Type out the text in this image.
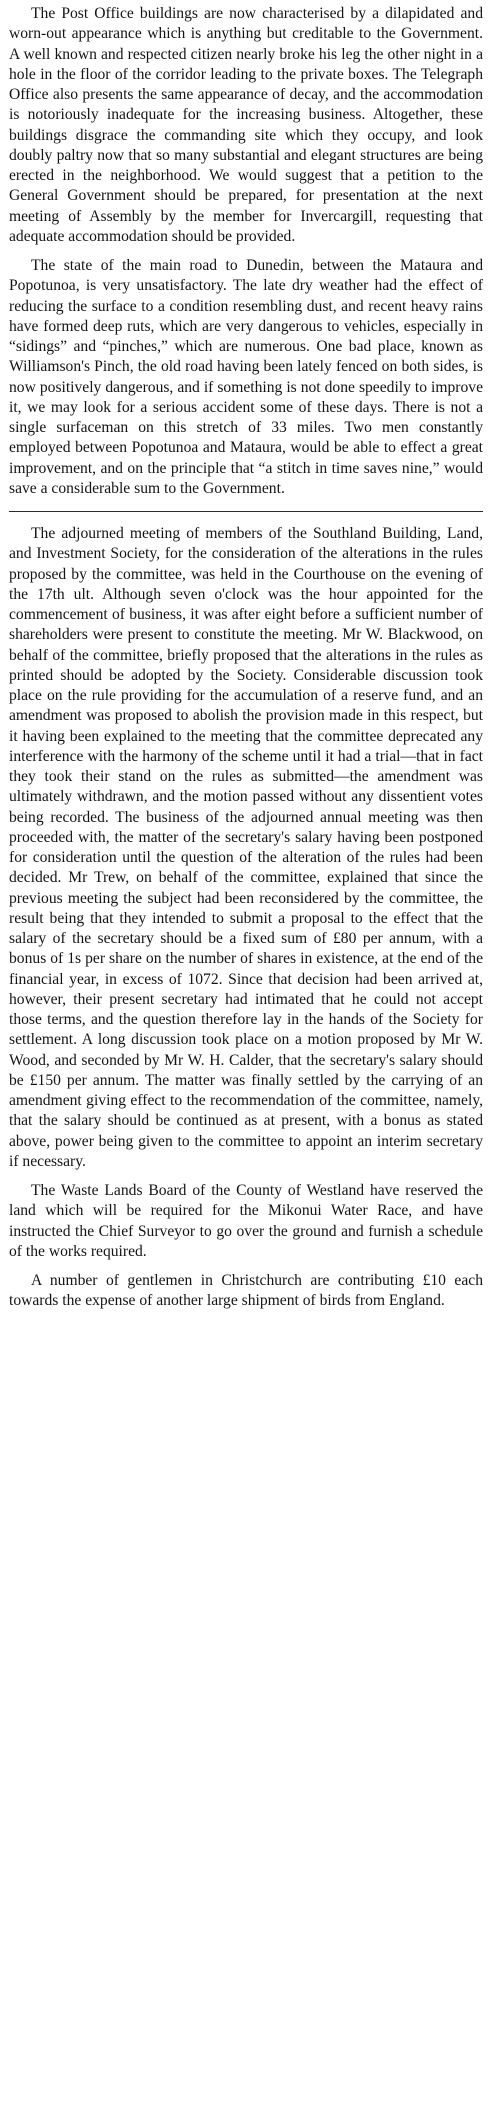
The Post Office buildings are now characterised by a dilapidated and worn-out appearance which is anything but creditable to the Government. A well known and respected citizen nearly broke his leg the other night in a hole in the floor of the corridor leading to the private boxes. The Telegraph Office also presents the same appearance of decay, and the accommodation is notoriously inadequate for the increasing business. Altogether, these buildings disgrace the commanding site which they occupy, and look doubly paltry now that so many substantial and elegant structures are being erected in the neighborhood. We would suggest that a petition to the General Government should be prepared, for presentation at the next meeting of Assembly by the member for Invercargill, requesting that adequate accommodation should be provided.

The state of the main road to Dunedin, between the Mataura and Popotunoa, is very unsatisfactory. The late dry weather had the effect of reducing the surface to a condition resembling dust, and recent heavy rains have formed deep ruts, which are very dangerous to vehicles, especially in “sidings” and “pinches,” which are numerous. One bad place, known as Williamson's Pinch, the old road having been lately fenced on both sides, is now positively dangerous, and if something is not done speedily to improve it, we may look for a serious accident some of these days. There is not a single surfaceman on this stretch of 33 miles. Two men constantly employed between Popotunoa and Mataura, would be able to effect a great improvement, and on the principle that “a stitch in time saves nine,” would save a considerable sum to the Government.

The adjourned meeting of members of the Southland Building, Land, and Investment Society, for the consideration of the alterations in the rules proposed by the committee, was held in the Courthouse on the evening of the 17th ult. Although seven o'clock was the hour appointed for the commencement of business, it was after eight before a sufficient number of shareholders were present to constitute the meeting. Mr W. Blackwood, on behalf of the committee, briefly proposed that the alterations in the rules as printed should be adopted by the Society. Considerable discussion took place on the rule providing for the accumulation of a reserve fund, and an amendment was proposed to abolish the provision made in this respect, but it having been explained to the meeting that the committee deprecated any interference with the harmony of the scheme until it had a trial—that in fact they took their stand on the rules as submitted—the amendment was ultimately withdrawn, and the motion passed without any dissentient votes being recorded. The business of the adjourned annual meeting was then proceeded with, the matter of the secretary's salary having been postponed for consideration until the question of the alteration of the rules had been decided. Mr Trew, on behalf of the committee, explained that since the previous meeting the subject had been reconsidered by the committee, the result being that they intended to submit a proposal to the effect that the salary of the secretary should be a fixed sum of £80 per annum, with a bonus of 1s per share on the number of shares in existence, at the end of the financial year, in excess of 1072. Since that decision had been arrived at, however, their present secretary had intimated that he could not accept those terms, and the question therefore lay in the hands of the Society for settlement. A long discussion took place on a motion proposed by Mr W. Wood, and seconded by Mr W. H. Calder, that the secretary's salary should be £150 per annum. The matter was finally settled by the carrying of an amendment giving effect to the recommendation of the committee, namely, that the salary should be continued as at present, with a bonus as stated above, power being given to the committee to appoint an interim secretary if necessary.

The Waste Lands Board of the County of Westland have reserved the land which will be required for the Mikonui Water Race, and have instructed the Chief Surveyor to go over the ground and furnish a schedule of the works required.

A number of gentlemen in Christchurch are contributing £10 each towards the expense of another large shipment of birds from England.
